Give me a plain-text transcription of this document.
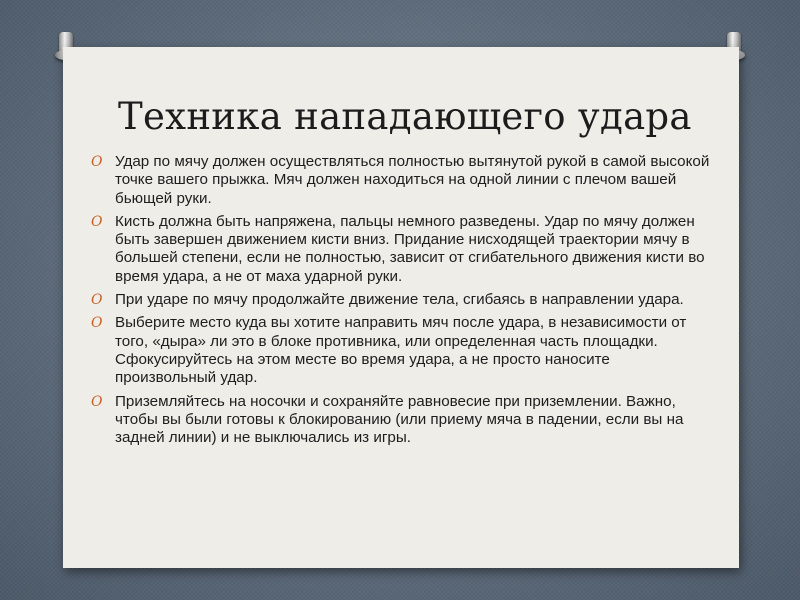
Техника нападающего удара
O Удар по мячу должен осуществляться полностью вытянутой рукой в самой высокой точке вашего прыжка. Мяч должен находиться на одной линии с плечом вашей бьющей руки.
O Кисть должна быть напряжена, пальцы немного разведены. Удар по мячу должен быть завершен движением кисти вниз. Придание нисходящей траектории мячу в большей степени, если не полностью, зависит от сгибательного движения кисти во время удара, а не от маха ударной руки.
O При ударе по мячу продолжайте движение тела, сгибаясь в направлении удара.
O Выберите место куда вы хотите направить мяч после удара, в независимости от того, «дыра» ли это в блоке противника, или определенная часть площадки. Сфокусируйтесь на этом месте во время удара, а не просто наносите произвольный удар.
O Приземляйтесь на носочки и сохраняйте равновесие при приземлении. Важно, чтобы вы были готовы к блокированию (или приему мяча в падении, если вы на задней линии) и не выключались из игры.
